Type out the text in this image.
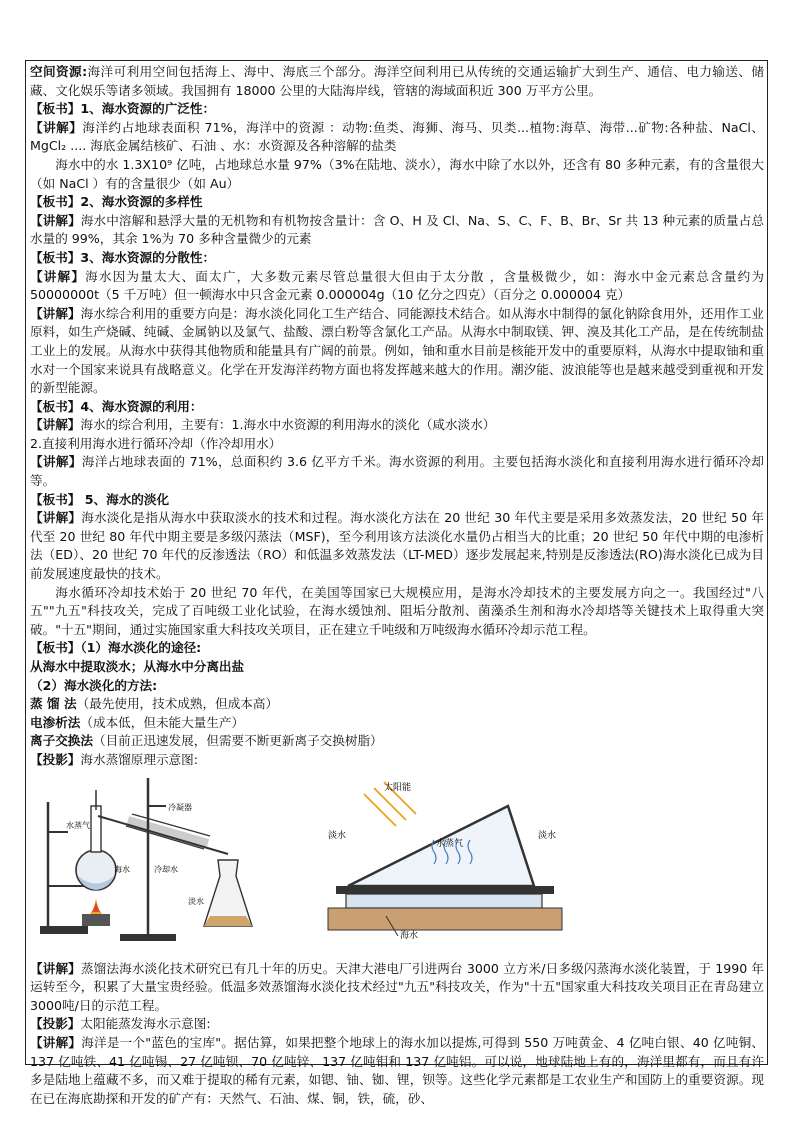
空间资源:海洋可利用空间包括海上、海中、海底三个部分。海洋空间利用已从传统的交通运输扩大到生产、通信、电力输送、储藏、文化娱乐等诸多领域。我国拥有 18000 公里的大陆海岸线，管辖的海域面积近 300 万平方公里。

【板书】1、海水资源的广泛性：

【讲解】海洋约占地球表面积 71%，海洋中的资源 ：动物:鱼类、海狮、海马、贝类...植物:海草、海带...矿物:各种盐、NaCl、MgCl₂ .... 海底金属结核矿、石油 、水：水资源及各种溶解的盐类

海水中的水 1.3X10⁹ 亿吨，占地球总水量 97%（3%在陆地、淡水），海水中除了水以外，还含有 80 多种元素，有的含量很大（如 NaCl ）有的含量很少（如 Au）

【板书】2、海水资源的多样性

【讲解】海水中溶解和悬浮大量的无机物和有机物按含量计：含 O、H 及 Cl、Na、S、C、F、B、Br、Sr 共 13 种元素的质量占总水量的 99%，其余 1%为 70 多种含量微少的元素

【板书】3、海水资源的分散性：

【讲解】海水因为量太大、面太广，大多数元素尽管总量很大但由于太分散 ，含量极微少，如：海水中金元素总含量约为 50000000t（5 千万吨）但一顿海水中只含金元素 0.000004g（10 亿分之四克）（百分之 0.000004 克）

【讲解】海水综合利用的重要方向是：海水淡化同化工生产结合、同能源技术结合。如从海水中制得的氯化钠除食用外，还用作工业原料，如生产烧碱、纯碱、金属钠以及氯气、盐酸、漂白粉等含氯化工产品。从海水中制取镁、钾、溴及其化工产品，是在传统制盐工业上的发展。从海水中获得其他物质和能量具有广阔的前景。例如，铀和重水目前是核能开发中的重要原料，从海水中提取铀和重水对一个国家来说具有战略意义。化学在开发海洋药物方面也将发挥越来越大的作用。潮汐能、波浪能等也是越来越受到重视和开发的新型能源。

【板书】4、海水资源的利用：

【讲解】海水的综合利用，主要有：1.海水中水资源的利用海水的淡化（咸水淡水）

2.直接利用海水进行循环冷却（作冷却用水）

【讲解】海洋占地球表面的 71%，总面积约 3.6 亿平方千米。海水资源的利用。主要包括海水淡化和直接利用海水进行循环冷却等。

【板书】 5、海水的淡化

【讲解】海水淡化是指从海水中获取淡水的技术和过程。海水淡化方法在 20 世纪 30 年代主要是采用多效蒸发法，20 世纪 50 年代至 20 世纪 80 年代中期主要是多级闪蒸法（MSF)，至今利用该方法淡化水量仍占相当大的比重；20 世纪 50 年代中期的电渗析法（ED）、20 世纪 70 年代的反渗透法（RO）和低温多效蒸发法（LT-MED）逐步发展起来,特别是反渗透法(RO)海水淡化已成为目前发展速度最快的技术。

海水循环冷却技术始于 20 世纪 70 年代，在美国等国家已大规模应用，是海水冷却技术的主要发展方向之一。我国经过"八五""九五"科技攻关，完成了百吨级工业化试验，在海水缓蚀剂、阻垢分散剂、菌藻杀生剂和海水冷却塔等关键技术上取得重大突破。"十五"期间，通过实施国家重大科技攻关项目，正在建立千吨级和万吨级海水循环冷却示范工程。

【板书】（1）海水淡化的途径:

从海水中提取淡水；从海水中分离出盐

（2）海水淡化的方法:

蒸 馏 法（最先使用，技术成熟，但成本高）

电渗析法（成本低，但未能大量生产）

离子交换法（目前正迅速发展，但需要不断更新离子交换树脂）

【投影】海水蒸馏原理示意图:

水蒸气
海水
冷凝器
冷却水
淡水
太阳能
淡水
水蒸气
淡水
海水

【讲解】蒸馏法海水淡化技术研究已有几十年的历史。天津大港电厂引进两台 3000 立方米/日多级闪蒸海水淡化装置，于 1990 年运转至今，积累了大量宝贵经验。低温多效蒸馏海水淡化技术经过"九五"科技攻关，作为"十五"国家重大科技攻关项目正在青岛建立 3000吨/日的示范工程。

【投影】太阳能蒸发海水示意图:

【讲解】海洋是一个"蓝色的宝库"。据估算，如果把整个地球上的海水加以提炼,可得到 550 万吨黄金、4 亿吨白银、40 亿吨铜、137 亿吨铁、41 亿吨锡、27 亿吨钡、70 亿吨锌、137 亿吨钼和 137 亿吨铝。可以说，地球陆地上有的，海洋里都有，而且有许多是陆地上蕴藏不多，而又难于提取的稀有元素，如锶、铀、铷、锂，钡等。这些化学元素都是工农业生产和国防上的重要资源。现在已在海底勘探和开发的矿产有：天然气、石油、煤、铜，铁，硫，砂、
